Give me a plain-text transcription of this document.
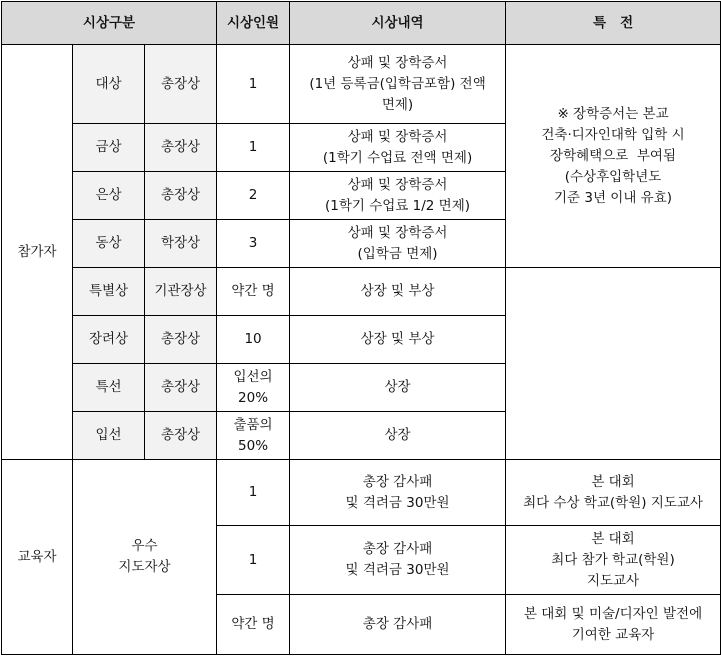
시상구분			시상인원	시상내역	특   전
참가자	대상	총장상	1	상패 및 장학증서
(1년 등록금(입학금포함) 전액
면제)	※ 장학증서는 본교
건축·디자인대학 입학 시
장학혜택으로  부여됨
(수상후입학년도
기준 3년 이내 유효)

	금상	총장상	1	상패 및 장학증서
(1학기 수업료 전액 면제)	

	은상	총장상	2	상패 및 장학증서
(1학기 수업료 1/2 면제)	

	동상	학장상	3	상패 및 장학증서
(입학금 면제)	

	특별상	기관장상	약간 명	상장 및 부상	

	장려상	총장상	10	상장 및 부상	

	특선	총장상	입선의
20%	상장	

	입선	총장상	출품의
50%	상장	

교육자	우수
지도자상		1	총장 감사패
및 격려금 30만원	본 대회
최다 수상 학교(학원) 지도교사

			1	총장 감사패
및 격려금 30만원	본 대회
최다 참가 학교(학원)
지도교사

			약간 명	총장 감사패	본 대회 및 미술/디자인 발전에
기여한 교육자
